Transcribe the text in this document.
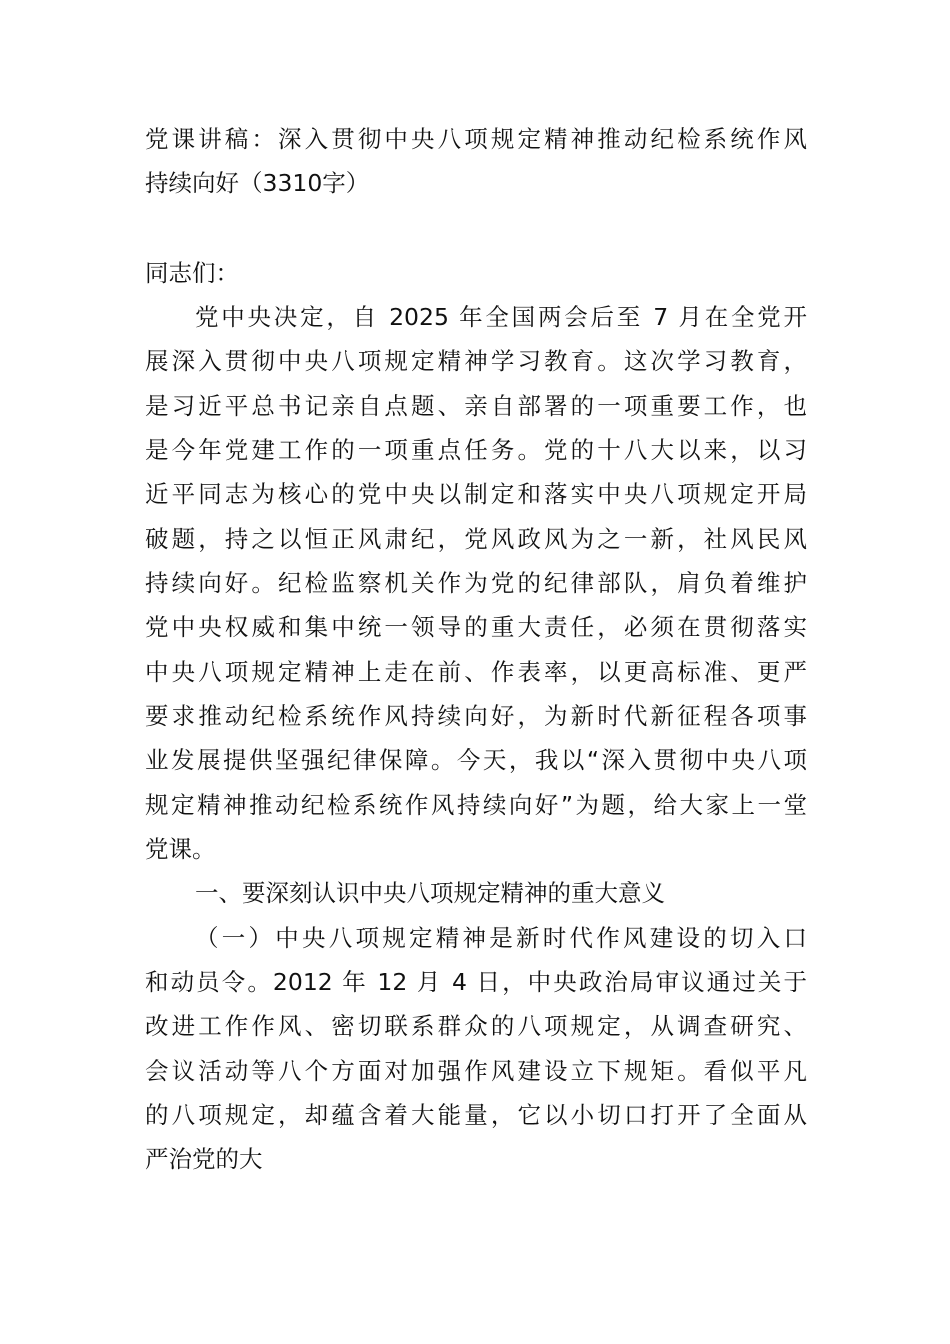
党课讲稿：深入贯彻中央八项规定精神推动纪检系统作风
持续向好（3310字）
同志们：
党中央决定，自 2025 年全国两会后至 7 月在全党开
展深入贯彻中央八项规定精神学习教育。这次学习教育，
是习近平总书记亲自点题、亲自部署的一项重要工作，也
是今年党建工作的一项重点任务。党的十八大以来，以习
近平同志为核心的党中央以制定和落实中央八项规定开局
破题，持之以恒正风肃纪，党风政风为之一新，社风民风
持续向好。纪检监察机关作为党的纪律部队，肩负着维护
党中央权威和集中统一领导的重大责任，必须在贯彻落实
中央八项规定精神上走在前、作表率，以更高标准、更严
要求推动纪检系统作风持续向好，为新时代新征程各项事
业发展提供坚强纪律保障。今天，我以“深入贯彻中央八项
规定精神推动纪检系统作风持续向好”为题，给大家上一堂
党课。
一、要深刻认识中央八项规定精神的重大意义
（一）中央八项规定精神是新时代作风建设的切入口
和动员令。2012 年 12 月 4 日，中央政治局审议通过关于
改进工作作风、密切联系群众的八项规定，从调查研究、
会议活动等八个方面对加强作风建设立下规矩。看似平凡
的八项规定，却蕴含着大能量，它以小切口打开了全面从
严治党的大
